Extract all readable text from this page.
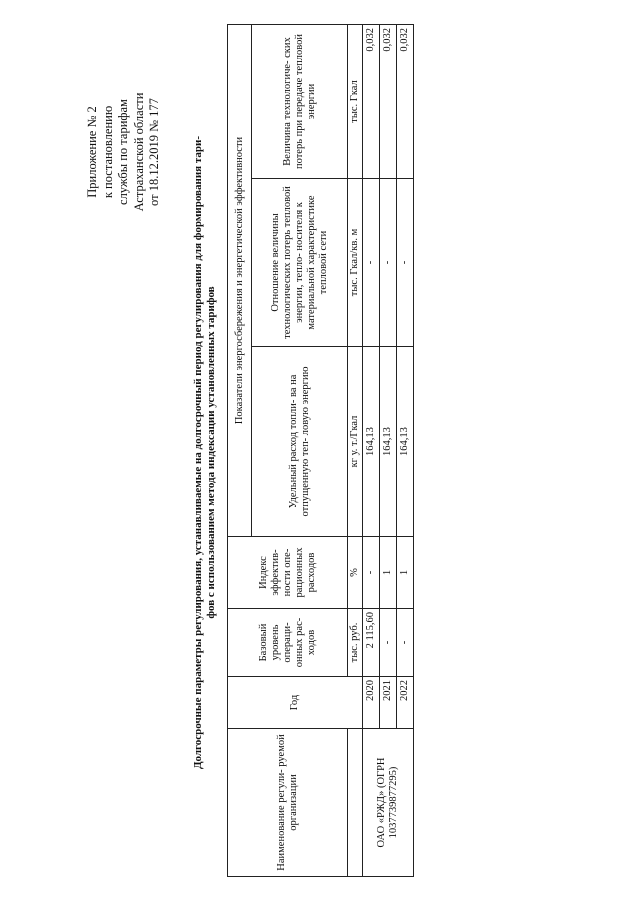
Приложение № 2 к постановлению службы по тарифам Астраханской области от 18.12.2019 № 177	Долгосрочные параметры регулирования, устанавливаемые на долгосрочный период регулирования для формирования тари- фов с использованием метода индексации установленных тарифов
Наименование регули- руемой организации	Год	Базовый уровень операци- онных рас- ходов	Индекс эффектив- ности опе- рационных расходов	Показатели энергосбережения и энергетической эффективности		
				Удельный расход топли- ва на отпущенную теп- ловую энергию	Отношение величины технологических потерь тепловой энергии, тепло- носителя к материальной характеристике тепловой сети	Величина технологиче- ских потерь при передаче тепловой энергии
		тыс. руб.	%	кг у. т./Гкал	тыс. Гкал/кв. м	тыс. Гкал
ОАО «РЖД» (ОГРН 1037739877295)	2020	2 115,60	-	164,13	-	0,032
	2021	-	1	164,13	-	0,032
	2022	-	1	164,13	-	0,032
